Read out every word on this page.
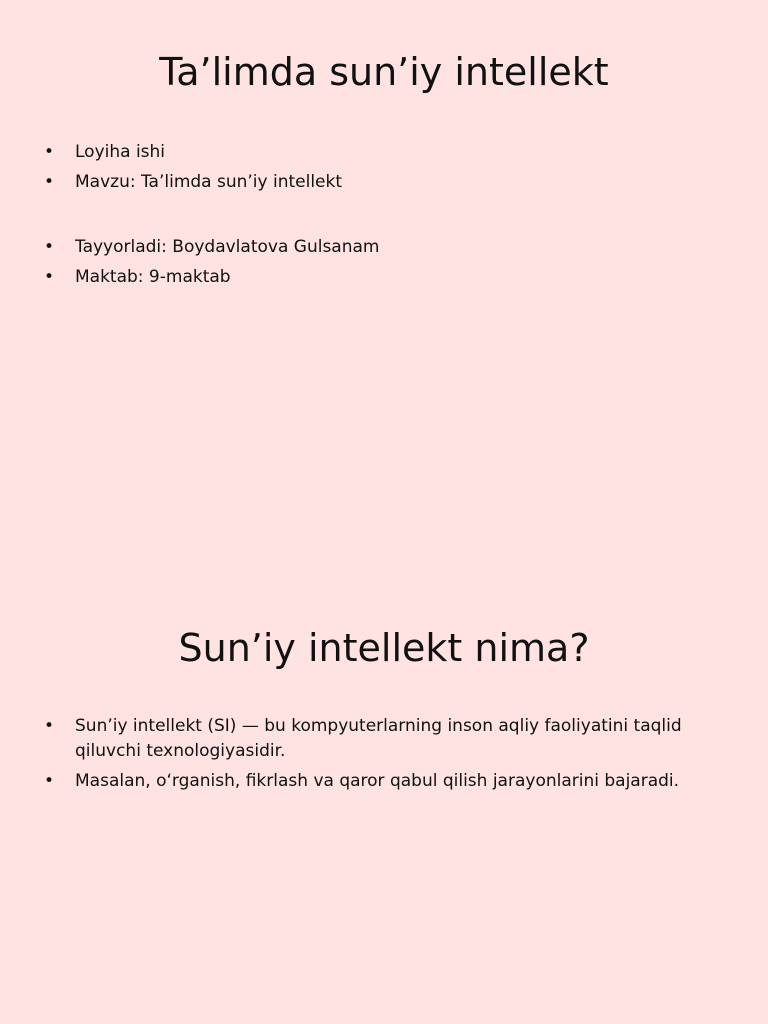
Ta’limda sun’iy intellekt
• Loyiha ishi
• Mavzu: Ta’limda sun’iy intellekt
• Tayyorladi: Boydavlatova Gulsanam
• Maktab: 9-maktab
Sun’iy intellekt nima?
• Sun’iy intellekt (SI) — bu kompyuterlarning inson aqliy faoliyatini taqlid qiluvchi texnologiyasidir.
• Masalan, o‘rganish, fikrlash va qaror qabul qilish jarayonlarini bajaradi.
